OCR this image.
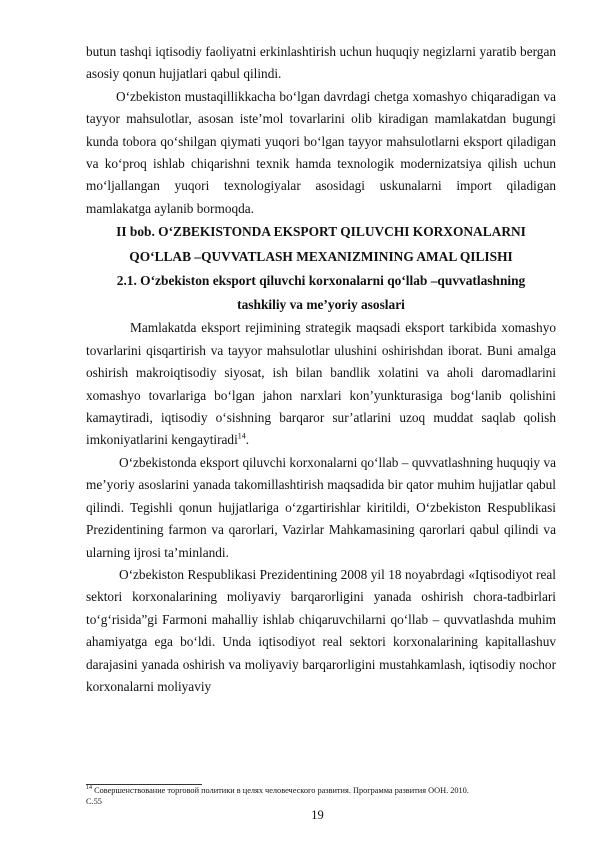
butun tashqi iqtisodiy faoliyatni erkinlashtirish uchun huquqiy negizlarni yaratib bergan asosiy qonun hujjatlari qabul qilindi.

O‘zbekiston mustaqillikkacha bo‘lgan davrdagi chetga xomashyo chiqaradigan va tayyor mahsulotlar, asosan iste’mol tovarlarini olib kiradigan mamlakatdan bugungi kunda tobora qo‘shilgan qiymati yuqori bo‘lgan tayyor mahsulotlarni eksport qiladigan va ko‘proq ishlab chiqarishni texnik hamda texnologik modernizatsiya qilish uchun mo‘ljallangan yuqori texnologiyalar asosidagi uskunalarni import qiladigan mamlakatga aylanib bormoqda.

II bob. O‘ZBEKISTONDA EKSPORT QILUVCHI KORXONALARNI
QO‘LLAB –QUVVATLASH MEXANIZMINING AMAL QILISHI
2.1. O‘zbekiston eksport qiluvchi korxonalarni qo‘llab –quvvatlashning
tashkiliy va me’yoriy asoslari

Mamlakatda eksport rejimining strategik maqsadi eksport tarkibida xomashyo tovarlarini qisqartirish va tayyor mahsulotlar ulushini oshirishdan iborat. Buni amalga oshirish makroiqtisodiy siyosat, ish bilan bandlik xolatini va aholi daromadlarini xomashyo tovarlariga bo‘lgan jahon narxlari kon’yunkturasiga bog‘lanib qolishini kamaytiradi, iqtisodiy o‘sishning barqaror sur’atlarini uzoq muddat saqlab qolish imkoniyatlarini kengaytiradi$^{14}$.

O‘zbekistonda eksport qiluvchi korxonalarni qo‘llab – quvvatlashning huquqiy va me’yoriy asoslarini yanada takomillashtirish maqsadida bir qator muhim hujjatlar qabul qilindi. Tegishli qonun hujjatlariga o‘zgartirishlar kiritildi, O‘zbekiston Respublikasi Prezidentining farmon va qarorlari, Vazirlar Mahkamasining qarorlari qabul qilindi va ularning ijrosi ta’minlandi.

O‘zbekiston Respublikasi Prezidentining 2008 yil 18 noyabrdagi «Iqtisodiyot real sektori korxonalarining moliyaviy barqarorligini yanada oshirish chora-tadbirlari to‘g‘risida”gi Farmoni mahalliy ishlab chiqaruvchilarni qo‘llab – quvvatlashda muhim ahamiyatga ega bo‘ldi. Unda iqtisodiyot real sektori korxonalarining kapitallashuv darajasini yanada oshirish va moliyaviy barqarorligini mustahkamlash, iqtisodiy nochor korxonalarni moliyaviy

$^{14}$ Совершенствование торговой политики в целях человеческого развития. Программа развития ООН. 2010.
С.55
19
